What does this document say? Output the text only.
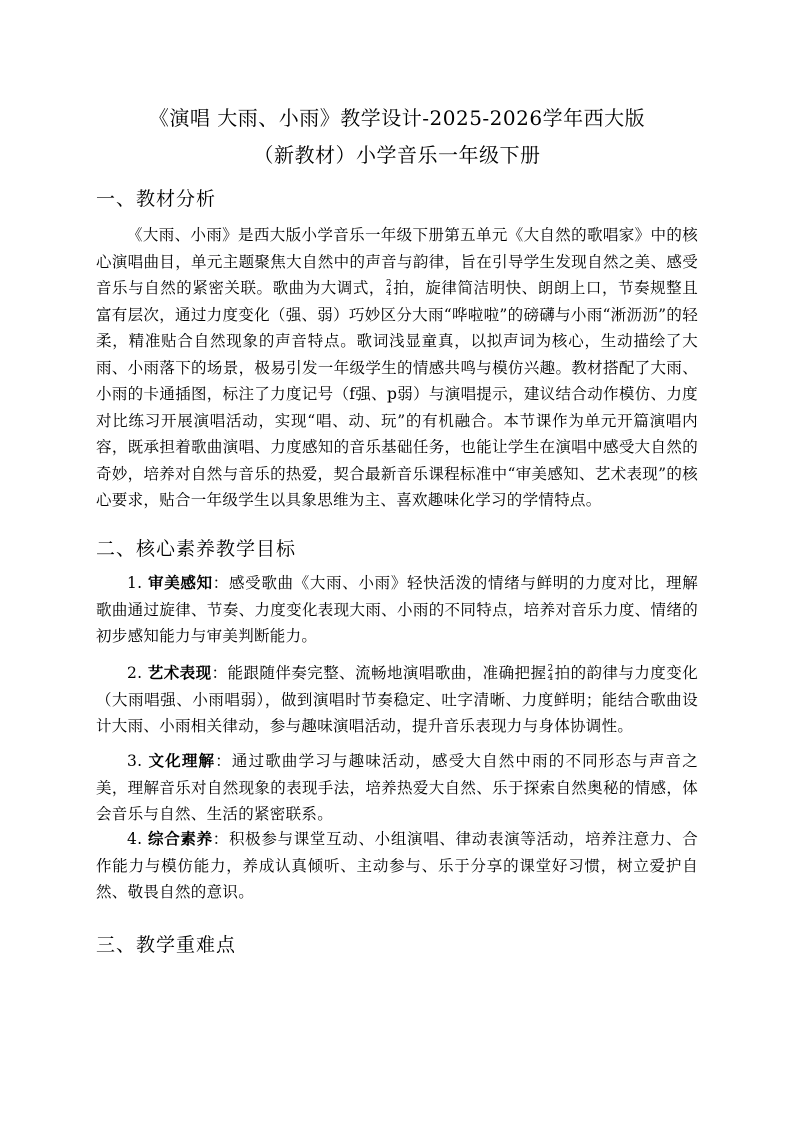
《演唱 大雨、小雨》教学设计-2025-2026学年西大版
（新教材）小学音乐一年级下册
一、教材分析
《大雨、小雨》是西大版小学音乐一年级下册第五单元《大自然的歌唱家》中的核心演唱曲目，单元主题聚焦大自然中的声音与韵律，旨在引导学生发现自然之美、感受音乐与自然的紧密关联。歌曲为大调式， 2
4 拍，旋律简洁明快、朗朗上口，节奏规整且富有层次，通过力度变化（强、弱）巧妙区分大雨“哗啦啦”的磅礴与小雨“淅沥沥”的轻柔，精准贴合自然现象的声音特点。歌词浅显童真，以拟声词为核心，生动描绘了大雨、小雨落下的场景，极易引发一年级学生的情感共鸣与模仿兴趣。教材搭配了大雨、小雨的卡通插图，标注了力度记号（f强、p弱）与演唱提示，建议结合动作模仿、力度对比练习开展演唱活动，实现“唱、动、玩”的有机融合。本节课作为单元开篇演唱内容，既承担着歌曲演唱、力度感知的音乐基础任务，也能让学生在演唱中感受大自然的奇妙，培养对自然与音乐的热爱，契合最新音乐课程标准中“审美感知、艺术表现”的核心要求，贴合一年级学生以具象思维为主、喜欢趣味化学习的学情特点。
二、核心素养教学目标
1. 审美感知：感受歌曲《大雨、小雨》轻快活泼的情绪与鲜明的力度对比，理解歌曲通过旋律、节奏、力度变化表现大雨、小雨的不同特点，培养对音乐力度、情绪的初步感知能力与审美判断能力。
2. 艺术表现：能跟随伴奏完整、流畅地演唱歌曲，准确把握 2
4 拍的韵律与力度变化（大雨唱强、小雨唱弱），做到演唱时节奏稳定、吐字清晰、力度鲜明；能结合歌曲设计大雨、小雨相关律动，参与趣味演唱活动，提升音乐表现力与身体协调性。
3. 文化理解：通过歌曲学习与趣味活动，感受大自然中雨的不同形态与声音之美，理解音乐对自然现象的表现手法，培养热爱大自然、乐于探索自然奥秘的情感，体会音乐与自然、生活的紧密联系。
4. 综合素养：积极参与课堂互动、小组演唱、律动表演等活动，培养注意力、合作能力与模仿能力，养成认真倾听、主动参与、乐于分享的课堂好习惯，树立爱护自然、敬畏自然的意识。
三、教学重难点
